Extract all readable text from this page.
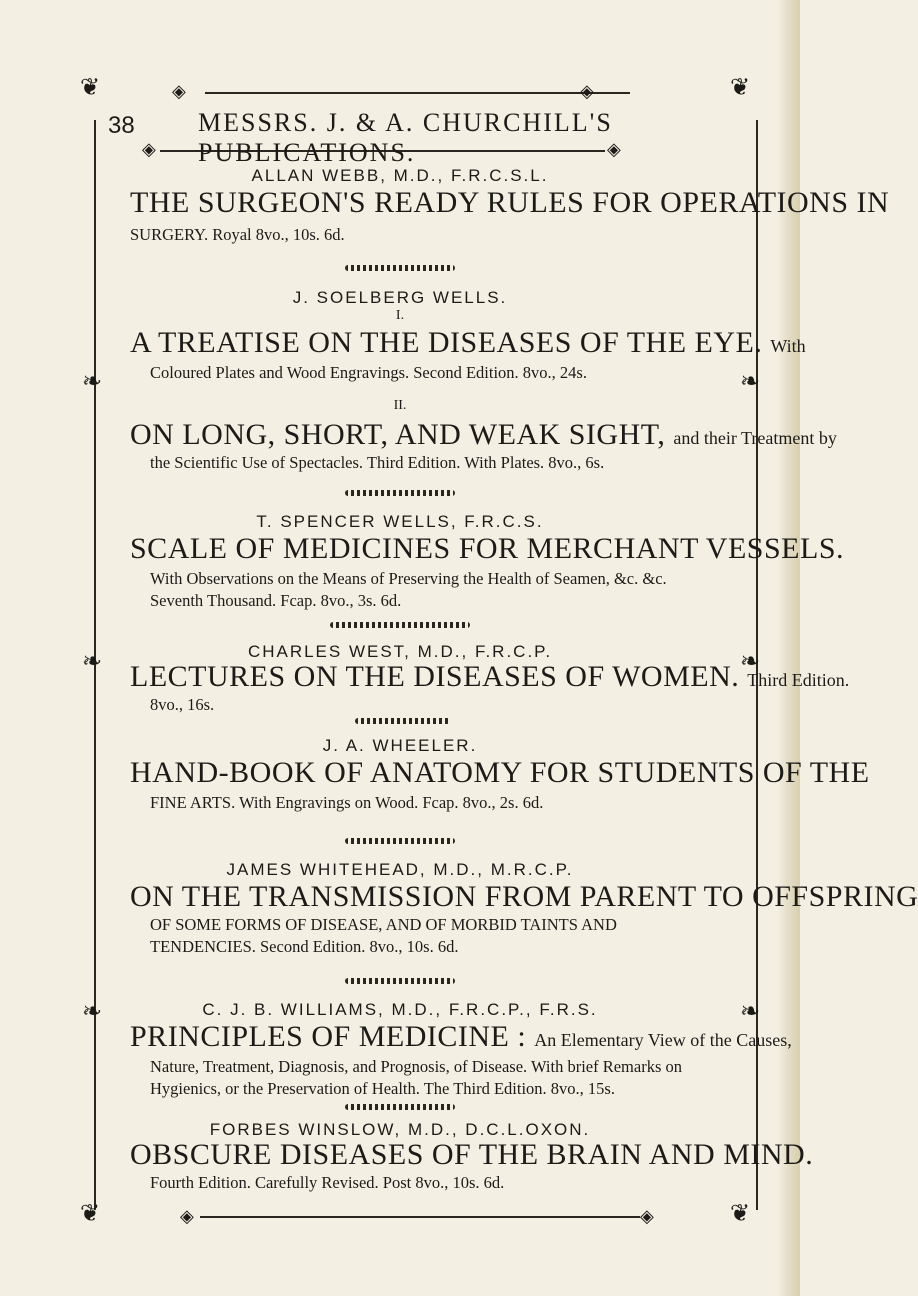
❦	❦
❦	❦
◈	◈
◈	◈
◈	◈
❧
❧
❧
❧
❧
❧
38 MESSRS. J. & A. CHURCHILL'S PUBLICATIONS.
ALLAN WEBB, M.D., F.R.C.S.L.
THE SURGEON'S READY RULES FOR OPERATIONS IN
SURGERY. Royal 8vo., 10s. 6d.
J. SOELBERG WELLS.
I.
A TREATISE ON THE DISEASES OF THE EYE. With
Coloured Plates and Wood Engravings. Second Edition. 8vo., 24s.
II.
ON LONG, SHORT, AND WEAK SIGHT, and their Treatment by
the Scientific Use of Spectacles. Third Edition. With Plates. 8vo., 6s.
T. SPENCER WELLS, F.R.C.S.
SCALE OF MEDICINES FOR MERCHANT VESSELS.
With Observations on the Means of Preserving the Health of Seamen, &c. &c.
Seventh Thousand. Fcap. 8vo., 3s. 6d.
CHARLES WEST, M.D., F.R.C.P.
LECTURES ON THE DISEASES OF WOMEN. Third Edition.
8vo., 16s.
J. A. WHEELER.
HAND-BOOK OF ANATOMY FOR STUDENTS OF THE
FINE ARTS. With Engravings on Wood. Fcap. 8vo., 2s. 6d.
JAMES WHITEHEAD, M.D., M.R.C.P.
ON THE TRANSMISSION FROM PARENT TO OFFSPRING
OF SOME FORMS OF DISEASE, AND OF MORBID TAINTS AND
TENDENCIES. Second Edition. 8vo., 10s. 6d.
C. J. B. WILLIAMS, M.D., F.R.C.P., F.R.S.
PRINCIPLES OF MEDICINE : An Elementary View of the Causes,
Nature, Treatment, Diagnosis, and Prognosis, of Disease. With brief Remarks on
Hygienics, or the Preservation of Health. The Third Edition. 8vo., 15s.
FORBES WINSLOW, M.D., D.C.L.OXON.
OBSCURE DISEASES OF THE BRAIN AND MIND.
Fourth Edition. Carefully Revised. Post 8vo., 10s. 6d.
